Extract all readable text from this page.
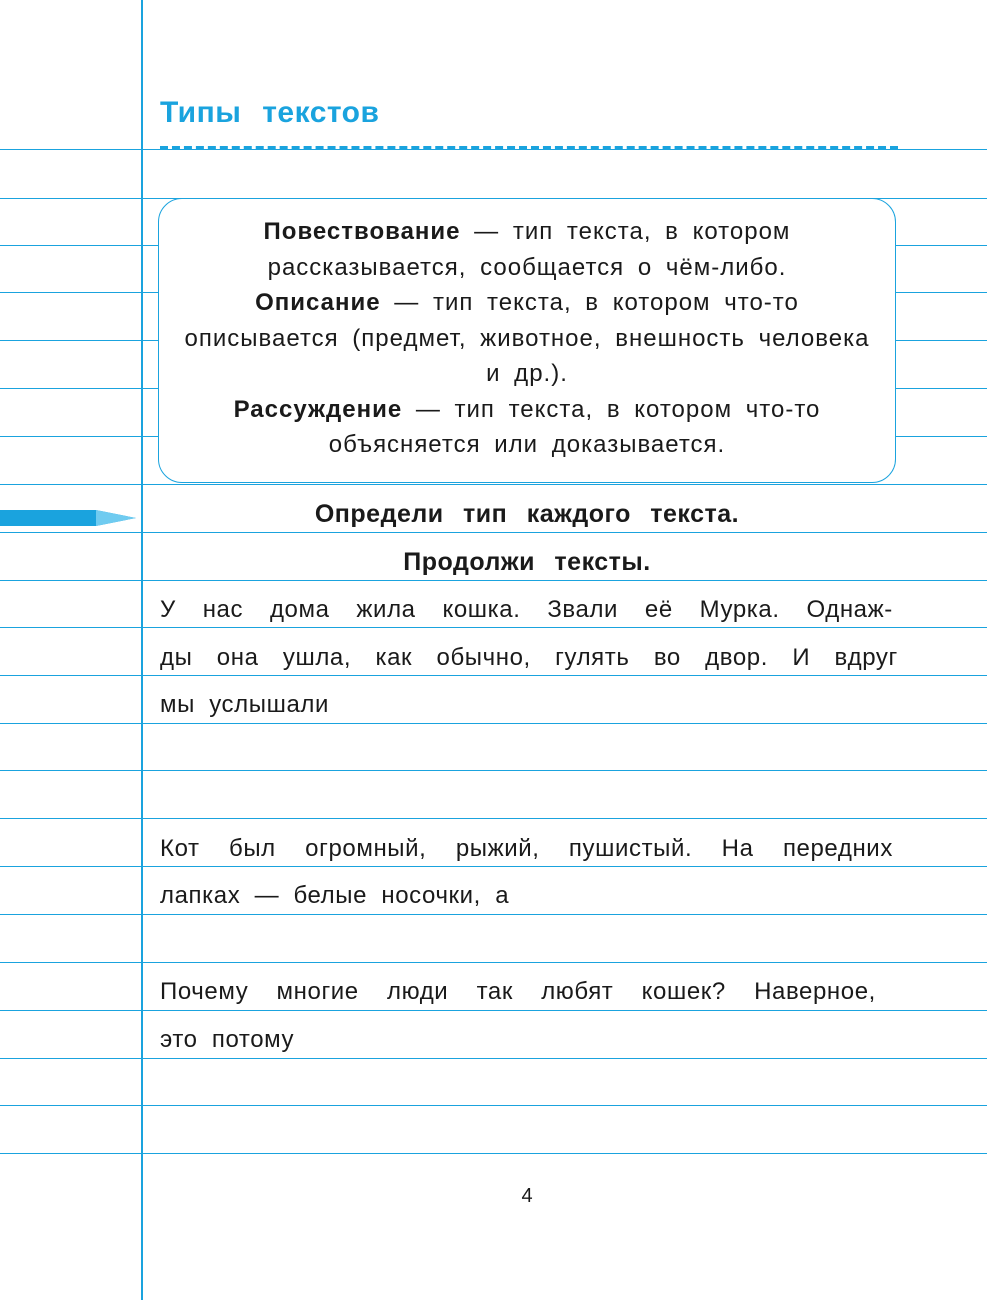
Типы текстов

Повествование — тип текста, в котором рассказывается, сообщается о чём-либо.

Описание — тип текста, в котором что-то описывается (предмет, животное, внешность человека и др.).

Рассуждение — тип текста, в котором что-то объясняется или доказывается.

Определи тип каждого текста.
Продолжи тексты.
У нас дома жила кошка. Звали её Мурка. Однаж-
ды она ушла, как обычно, гулять во двор. И вдруг
мы услышали
Кот был огромный, рыжий, пушистый. На передних
лапках — белые носочки, а
Почему многие люди так любят кошек? Наверное,
это потому
4
